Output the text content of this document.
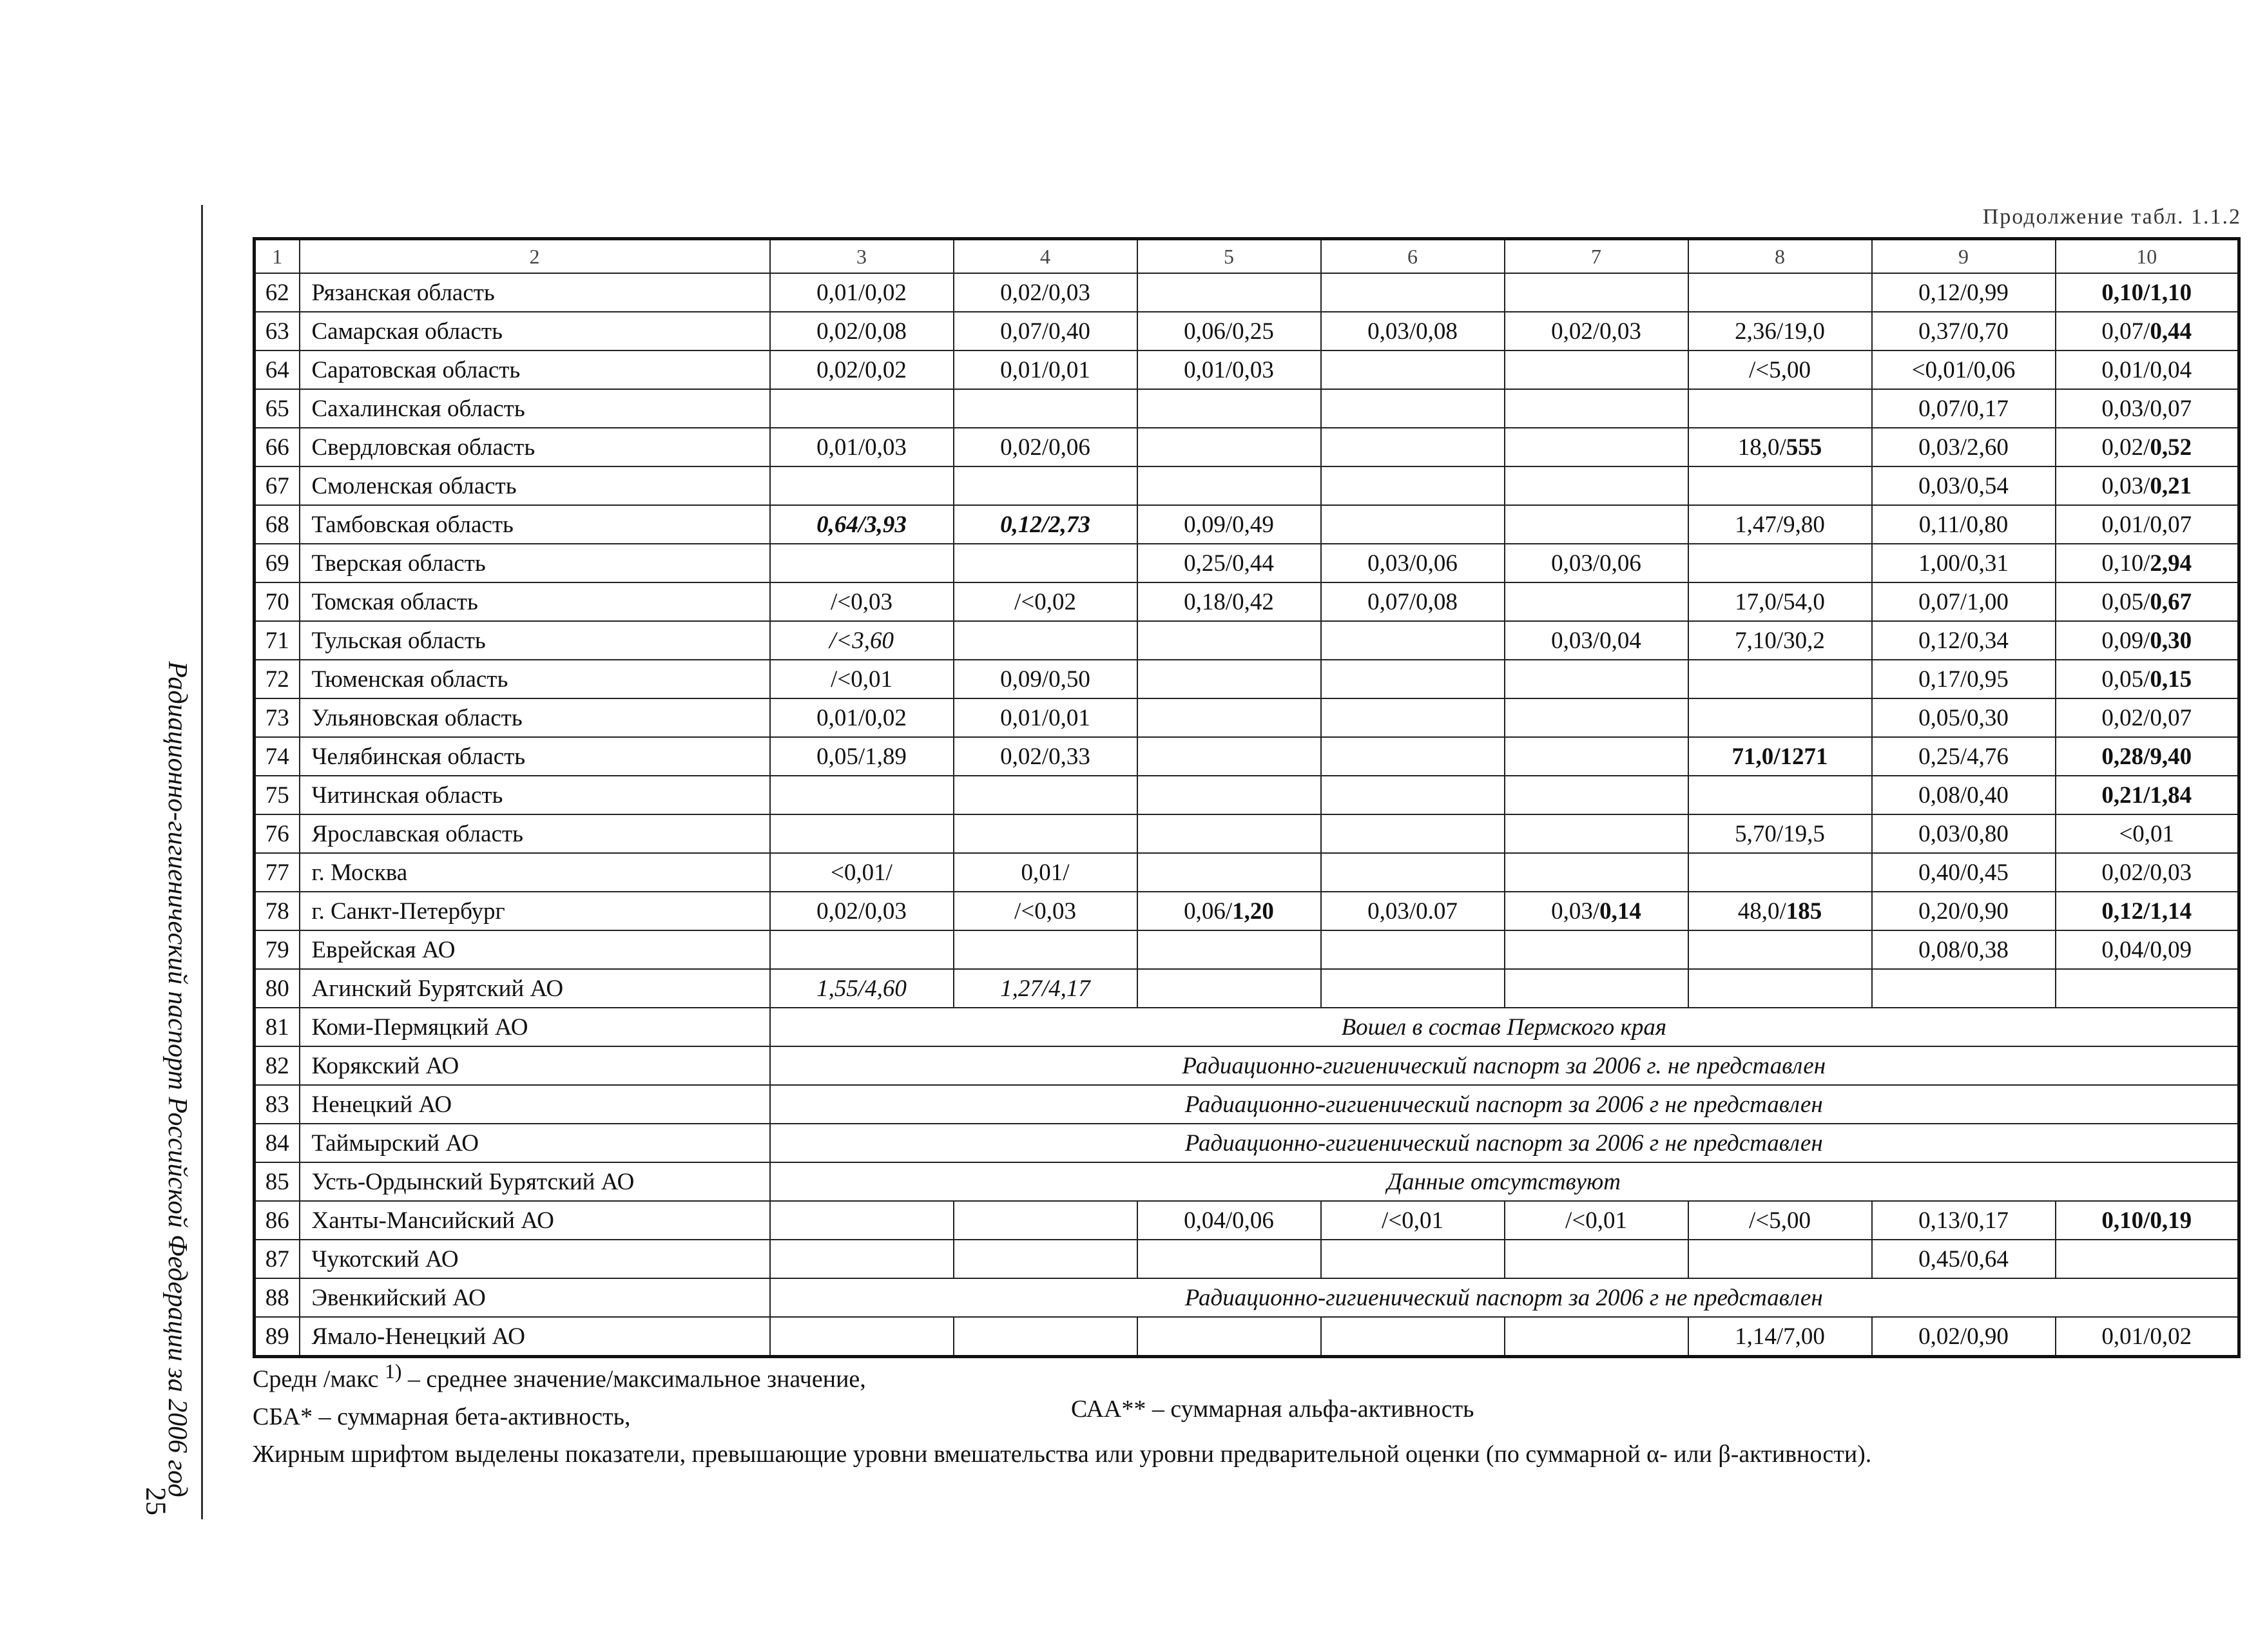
Радиационно-гигиенический паспорт Российской Федерации за 2006 год
25
Продолжение табл. 1.1.2
1	2	3	4	5	6	7	8	9	10
62	Рязанская область	0,01/0,02	0,02/0,03					0,12/0,99	0,10/1,10
63	Самарская область	0,02/0,08	0,07/0,40	0,06/0,25	0,03/0,08	0,02/0,03	2,36/19,0	0,37/0,70	0,07/0,44
64	Саратовская область	0,02/0,02	0,01/0,01	0,01/0,03			/<5,00	<0,01/0,06	0,01/0,04
65	Сахалинская область							0,07/0,17	0,03/0,07
66	Свердловская область	0,01/0,03	0,02/0,06				18,0/555	0,03/2,60	0,02/0,52
67	Смоленская область							0,03/0,54	0,03/0,21
68	Тамбовская область	0,64/3,93	0,12/2,73	0,09/0,49			1,47/9,80	0,11/0,80	0,01/0,07
69	Тверская область			0,25/0,44	0,03/0,06	0,03/0,06		1,00/0,31	0,10/2,94
70	Томская область	/<0,03	/<0,02	0,18/0,42	0,07/0,08		17,0/54,0	0,07/1,00	0,05/0,67
71	Тульская область	/<3,60				0,03/0,04	7,10/30,2	0,12/0,34	0,09/0,30
72	Тюменская область	/<0,01	0,09/0,50					0,17/0,95	0,05/0,15
73	Ульяновская область	0,01/0,02	0,01/0,01					0,05/0,30	0,02/0,07
74	Челябинская область	0,05/1,89	0,02/0,33				71,0/1271	0,25/4,76	0,28/9,40
75	Читинская область							0,08/0,40	0,21/1,84
76	Ярославская область						5,70/19,5	0,03/0,80	<0,01
77	г. Москва	<0,01/	0,01/					0,40/0,45	0,02/0,03
78	г. Санкт-Петербург	0,02/0,03	/<0,03	0,06/1,20	0,03/0.07	0,03/0,14	48,0/185	0,20/0,90	0,12/1,14
79	Еврейская АО							0,08/0,38	0,04/0,09
80	Агинский Бурятский АО	1,55/4,60	1,27/4,17						
81	Коми-Пермяцкий АО	Вошел в состав Пермского края							
82	Корякский АО	Радиационно-гигиенический паспорт за 2006 г. не представлен							
83	Ненецкий АО	Радиационно-гигиенический паспорт за 2006 г не представлен							
84	Таймырский АО	Радиационно-гигиенический паспорт за 2006 г не представлен							
85	Усть-Ордынский Бурятский АО	Данные отсутствуют							
86	Ханты-Мансийский АО			0,04/0,06	/<0,01	/<0,01	/<5,00	0,13/0,17	0,10/0,19
87	Чукотский АО							0,45/0,64	
88	Эвенкийский АО	Радиационно-гигиенический паспорт за 2006 г не представлен							
89	Ямало-Ненецкий АО						1,14/7,00	0,02/0,90	0,01/0,02
Средн /макс $^{1)}$ – среднее значение/максимальное значение,
СБА* – суммарная бета-активность,	САА** – суммарная альфа-активность
Жирным шрифтом выделены показатели, превышающие уровни вмешательства или уровни предварительной оценки (по суммарной α- или β-активности).
